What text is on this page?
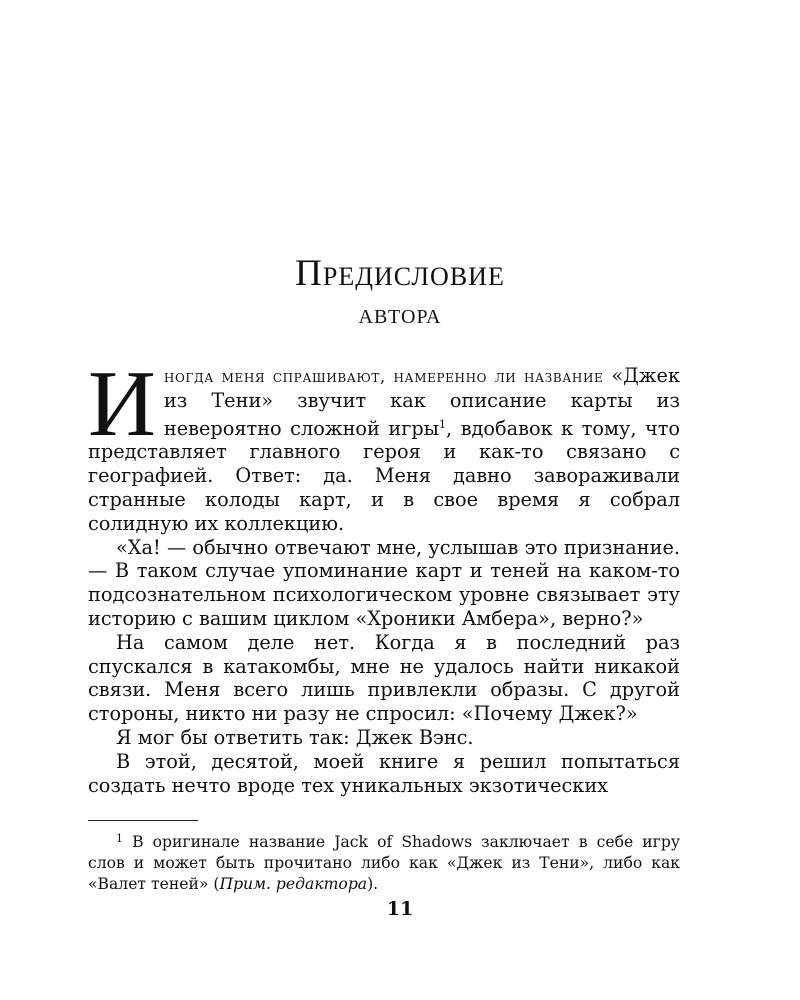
Предисловие
автора

Иногда меня спрашивают, намеренно ли название «Джек из Тени» звучит как описание карты из невероятно сложной игры$^1$, вдобавок к тому, что представляет главного героя и как-то связано с географией. Ответ: да. Меня давно завораживали странные колоды карт, и в свое время я собрал солидную их коллекцию.

«Ха! — обычно отвечают мне, услышав это признание. — В таком случае упоминание карт и теней на каком-то подсознательном психологическом уровне связывает эту историю с вашим циклом «Хроники Амбера», верно?»

На самом деле нет. Когда я в последний раз спускался в катакомбы, мне не удалось найти никакой связи. Меня всего лишь привлекли образы. С другой стороны, никто ни разу не спросил: «Почему Джек?»

Я мог бы ответить так: Джек Вэнс.

В этой, десятой, моей книге я решил попытаться создать нечто вроде тех уникальных экзотических

$^1$ В оригинале название Jack of Shadows заключает в себе игру слов и может быть прочитано либо как «Джек из Тени», либо как «Валет теней» (Прим. редактора).

11
